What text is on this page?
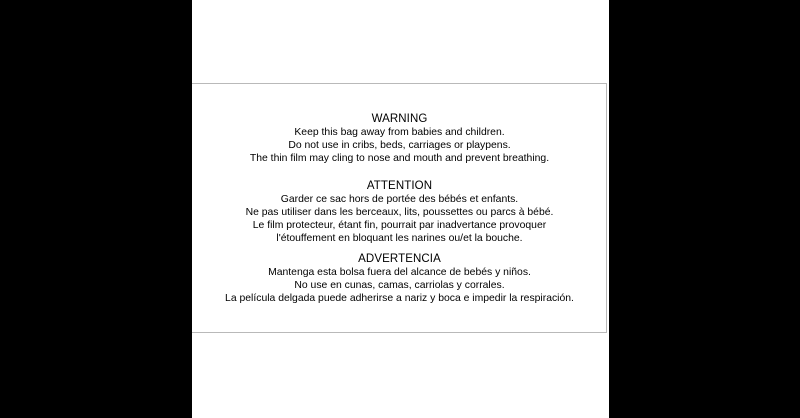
WARNING
Keep this bag away from babies and children.
Do not use in cribs, beds, carriages or playpens.
The thin film may cling to nose and mouth and prevent breathing.
ATTENTION
Garder ce sac hors de portée des bébés et enfants.
Ne pas utiliser dans les berceaux, lits, poussettes ou parcs à bébé.
Le film protecteur, étant fin, pourrait par inadvertance provoquer
l'étouffement en bloquant les narines ou/et la bouche.
ADVERTENCIA
Mantenga esta bolsa fuera del alcance de bebés y niños.
No use en cunas, camas, carriolas y corrales.
La película delgada puede adherirse a nariz y boca e impedir la respiración.
